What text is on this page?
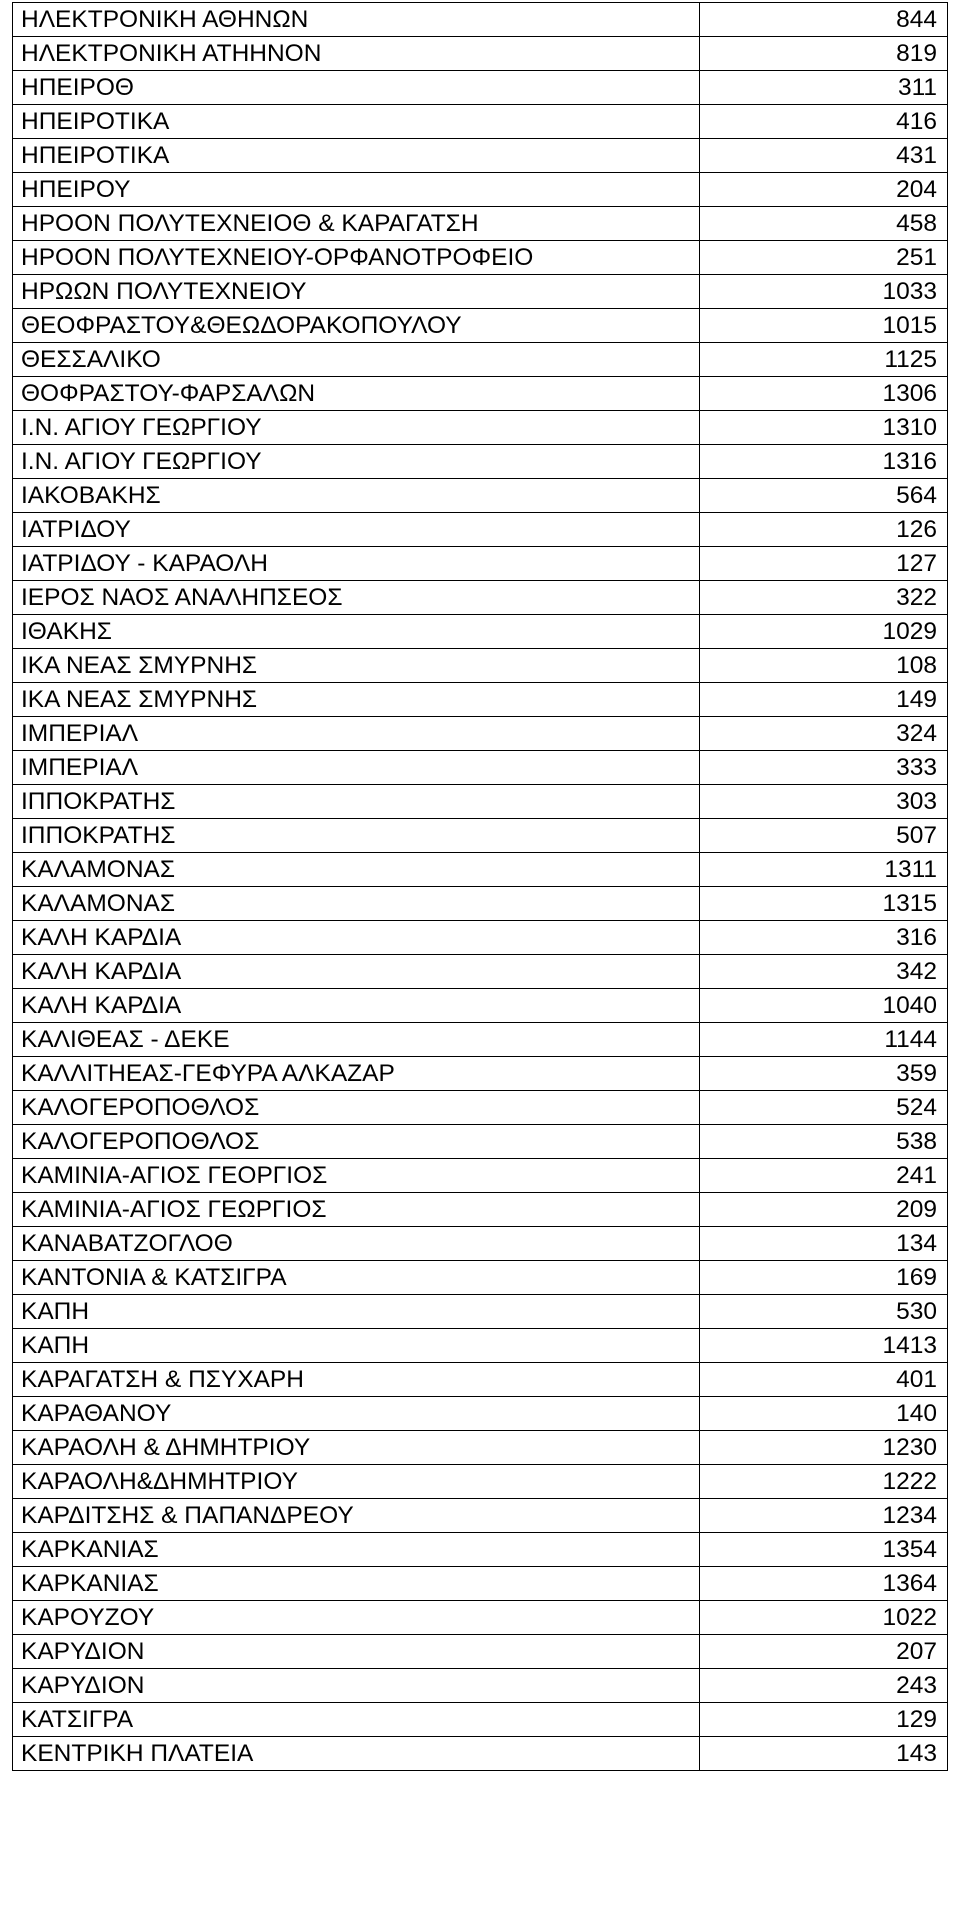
ΗΛΕΚΤΡΟΝΙΚΗ ΑΘΗΝΩΝ	844
ΗΛΕΚΤΡΟΝΙΚΗ ΑΤΗΗΝΟΝ	819
ΗΠΕΙΡΟΘ	311
ΗΠΕΙΡΟΤΙΚΑ	416
ΗΠΕΙΡΟΤΙΚΑ	431
ΗΠΕΙΡΟΥ	204
ΗΡΟΟΝ ΠΟΛΥΤΕΧΝΕΙΟΘ & ΚΑΡΑΓΑΤΣΗ	458
ΗΡΟΟΝ ΠΟΛΥΤΕΧΝΕΙΟΥ-ΟΡΦΑΝΟΤΡΟΦΕΙΟ	251
ΗΡΩΩΝ ΠΟΛΥΤΕΧΝΕΙΟΥ	1033
ΘΕΟΦΡΑΣΤΟΥ&ΘΕΩΔΟΡΑΚΟΠΟΥΛΟΥ	1015
ΘΕΣΣΑΛΙΚΟ	1125
ΘΟΦΡΑΣΤΟΥ-ΦΑΡΣΑΛΩΝ	1306
Ι.Ν. ΑΓΙΟΥ ΓΕΩΡΓΙΟΥ	1310
Ι.Ν. ΑΓΙΟΥ ΓΕΩΡΓΙΟΥ	1316
ΙΑΚΟΒΑΚΗΣ	564
ΙΑΤΡΙΔΟΥ	126
ΙΑΤΡΙΔΟΥ - ΚΑΡΑΟΛΗ	127
ΙΕΡΟΣ ΝΑΟΣ ΑΝΑΛΗΠΣΕΟΣ	322
ΙΘΑΚΗΣ	1029
ΙΚΑ ΝΕΑΣ ΣΜΥΡΝΗΣ	108
ΙΚΑ ΝΕΑΣ ΣΜΥΡΝΗΣ	149
ΙΜΠΕΡΙΑΛ	324
ΙΜΠΕΡΙΑΛ	333
ΙΠΠΟΚΡΑΤΗΣ	303
ΙΠΠΟΚΡΑΤΗΣ	507
ΚΑΛΑΜΟΝΑΣ	1311
ΚΑΛΑΜΟΝΑΣ	1315
ΚΑΛΗ ΚΑΡΔΙΑ	316
ΚΑΛΗ ΚΑΡΔΙΑ	342
ΚΑΛΗ ΚΑΡΔΙΑ	1040
ΚΑΛΙΘΕΑΣ - ΔΕΚΕ	1144
ΚΑΛΛΙΤΗΕΑΣ-ΓΕΦΥΡΑ ΑΛΚΑΖΑΡ	359
ΚΑΛΟΓΕΡΟΠΟΘΛΟΣ	524
ΚΑΛΟΓΕΡΟΠΟΘΛΟΣ	538
ΚΑΜΙΝΙΑ-ΑΓΙΟΣ ΓΕΟΡΓΙΟΣ	241
ΚΑΜΙΝΙΑ-ΑΓΙΟΣ ΓΕΩΡΓΙΟΣ	209
ΚΑΝΑΒΑΤΖΟΓΛΟΘ	134
ΚΑΝΤΟΝΙΑ & ΚΑΤΣΙΓΡΑ	169
ΚΑΠΗ	530
ΚΑΠΗ	1413
ΚΑΡΑΓΑΤΣΗ & ΠΣΥΧΑΡΗ	401
ΚΑΡΑΘΑΝΟΥ	140
ΚΑΡΑΟΛΗ & ΔΗΜΗΤΡΙΟΥ	1230
ΚΑΡΑΟΛΗ&ΔΗΜΗΤΡΙΟΥ	1222
ΚΑΡΔΙΤΣΗΣ & ΠΑΠΑΝΔΡΕΟΥ	1234
ΚΑΡΚΑΝΙΑΣ	1354
ΚΑΡΚΑΝΙΑΣ	1364
ΚΑΡΟΥΖΟΥ	1022
ΚΑΡΥΔΙΟΝ	207
ΚΑΡΥΔΙΟΝ	243
ΚΑΤΣΙΓΡΑ	129
ΚΕΝΤΡΙΚΗ ΠΛΑΤΕΙΑ	143
